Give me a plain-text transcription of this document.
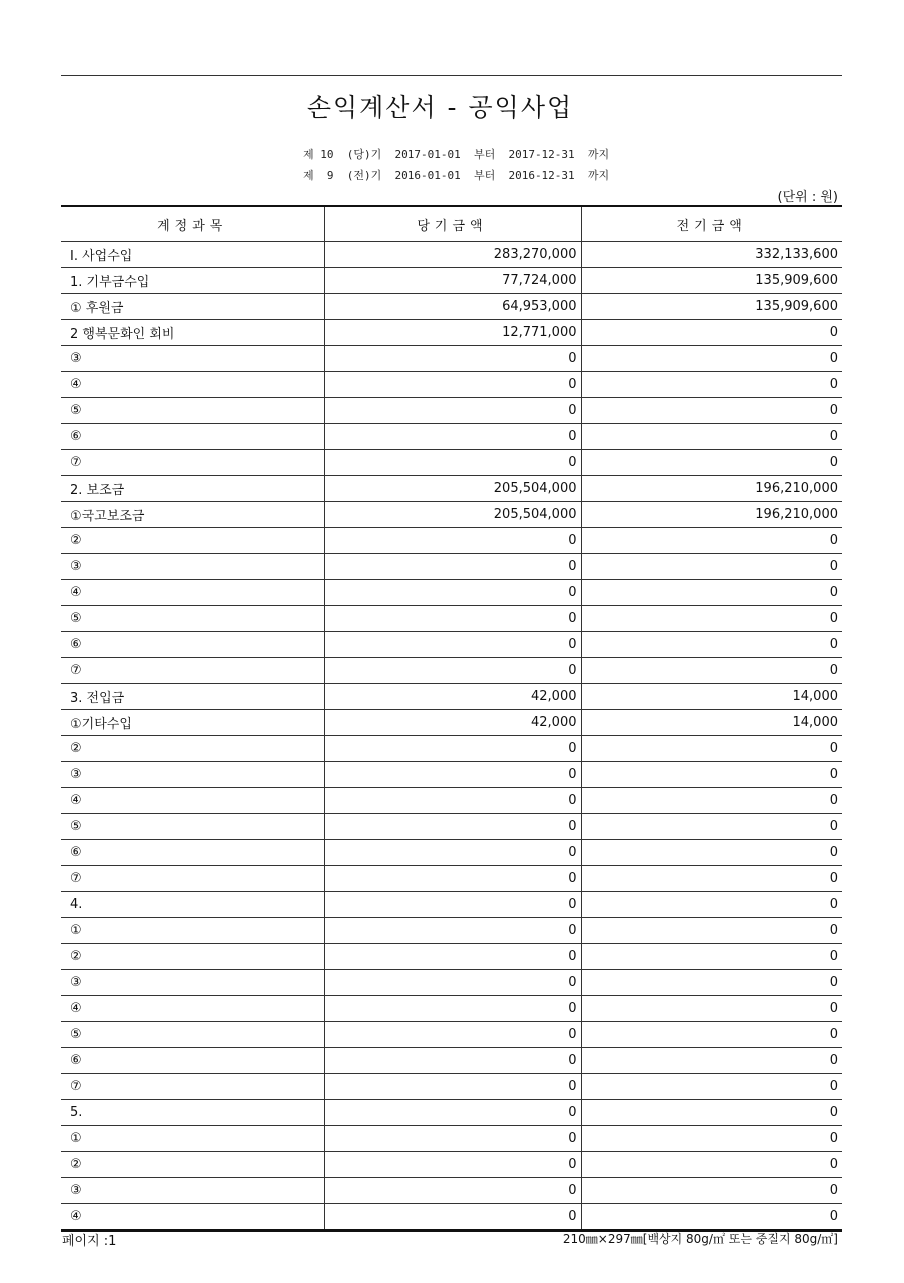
손익계산서 - 공익사업
제 10  (당)기  2017-01-01  부터  2017-12-31  까지
제  9  (전)기  2016-01-01  부터  2016-12-31  까지
(단위 : 원)
계정과목	당기금액	전기금액
Ⅰ. 사업수입	283,270,000	332,133,600
1. 기부금수입	77,724,000	135,909,600
① 후원금	64,953,000	135,909,600
2 행복문화인 회비	12,771,000	0
③	0	0
④	0	0
⑤	0	0
⑥	0	0
⑦	0	0
2. 보조금	205,504,000	196,210,000
①국고보조금	205,504,000	196,210,000
②	0	0
③	0	0
④	0	0
⑤	0	0
⑥	0	0
⑦	0	0
3. 전입금	42,000	14,000
①기타수입	42,000	14,000
②	0	0
③	0	0
④	0	0
⑤	0	0
⑥	0	0
⑦	0	0
4.	0	0
①	0	0
②	0	0
③	0	0
④	0	0
⑤	0	0
⑥	0	0
⑦	0	0
5.	0	0
①	0	0
②	0	0
③	0	0
④	0	0
페이지 :1	210㎜×297㎜[백상지 80g/㎡ 또는 중질지 80g/㎡]
